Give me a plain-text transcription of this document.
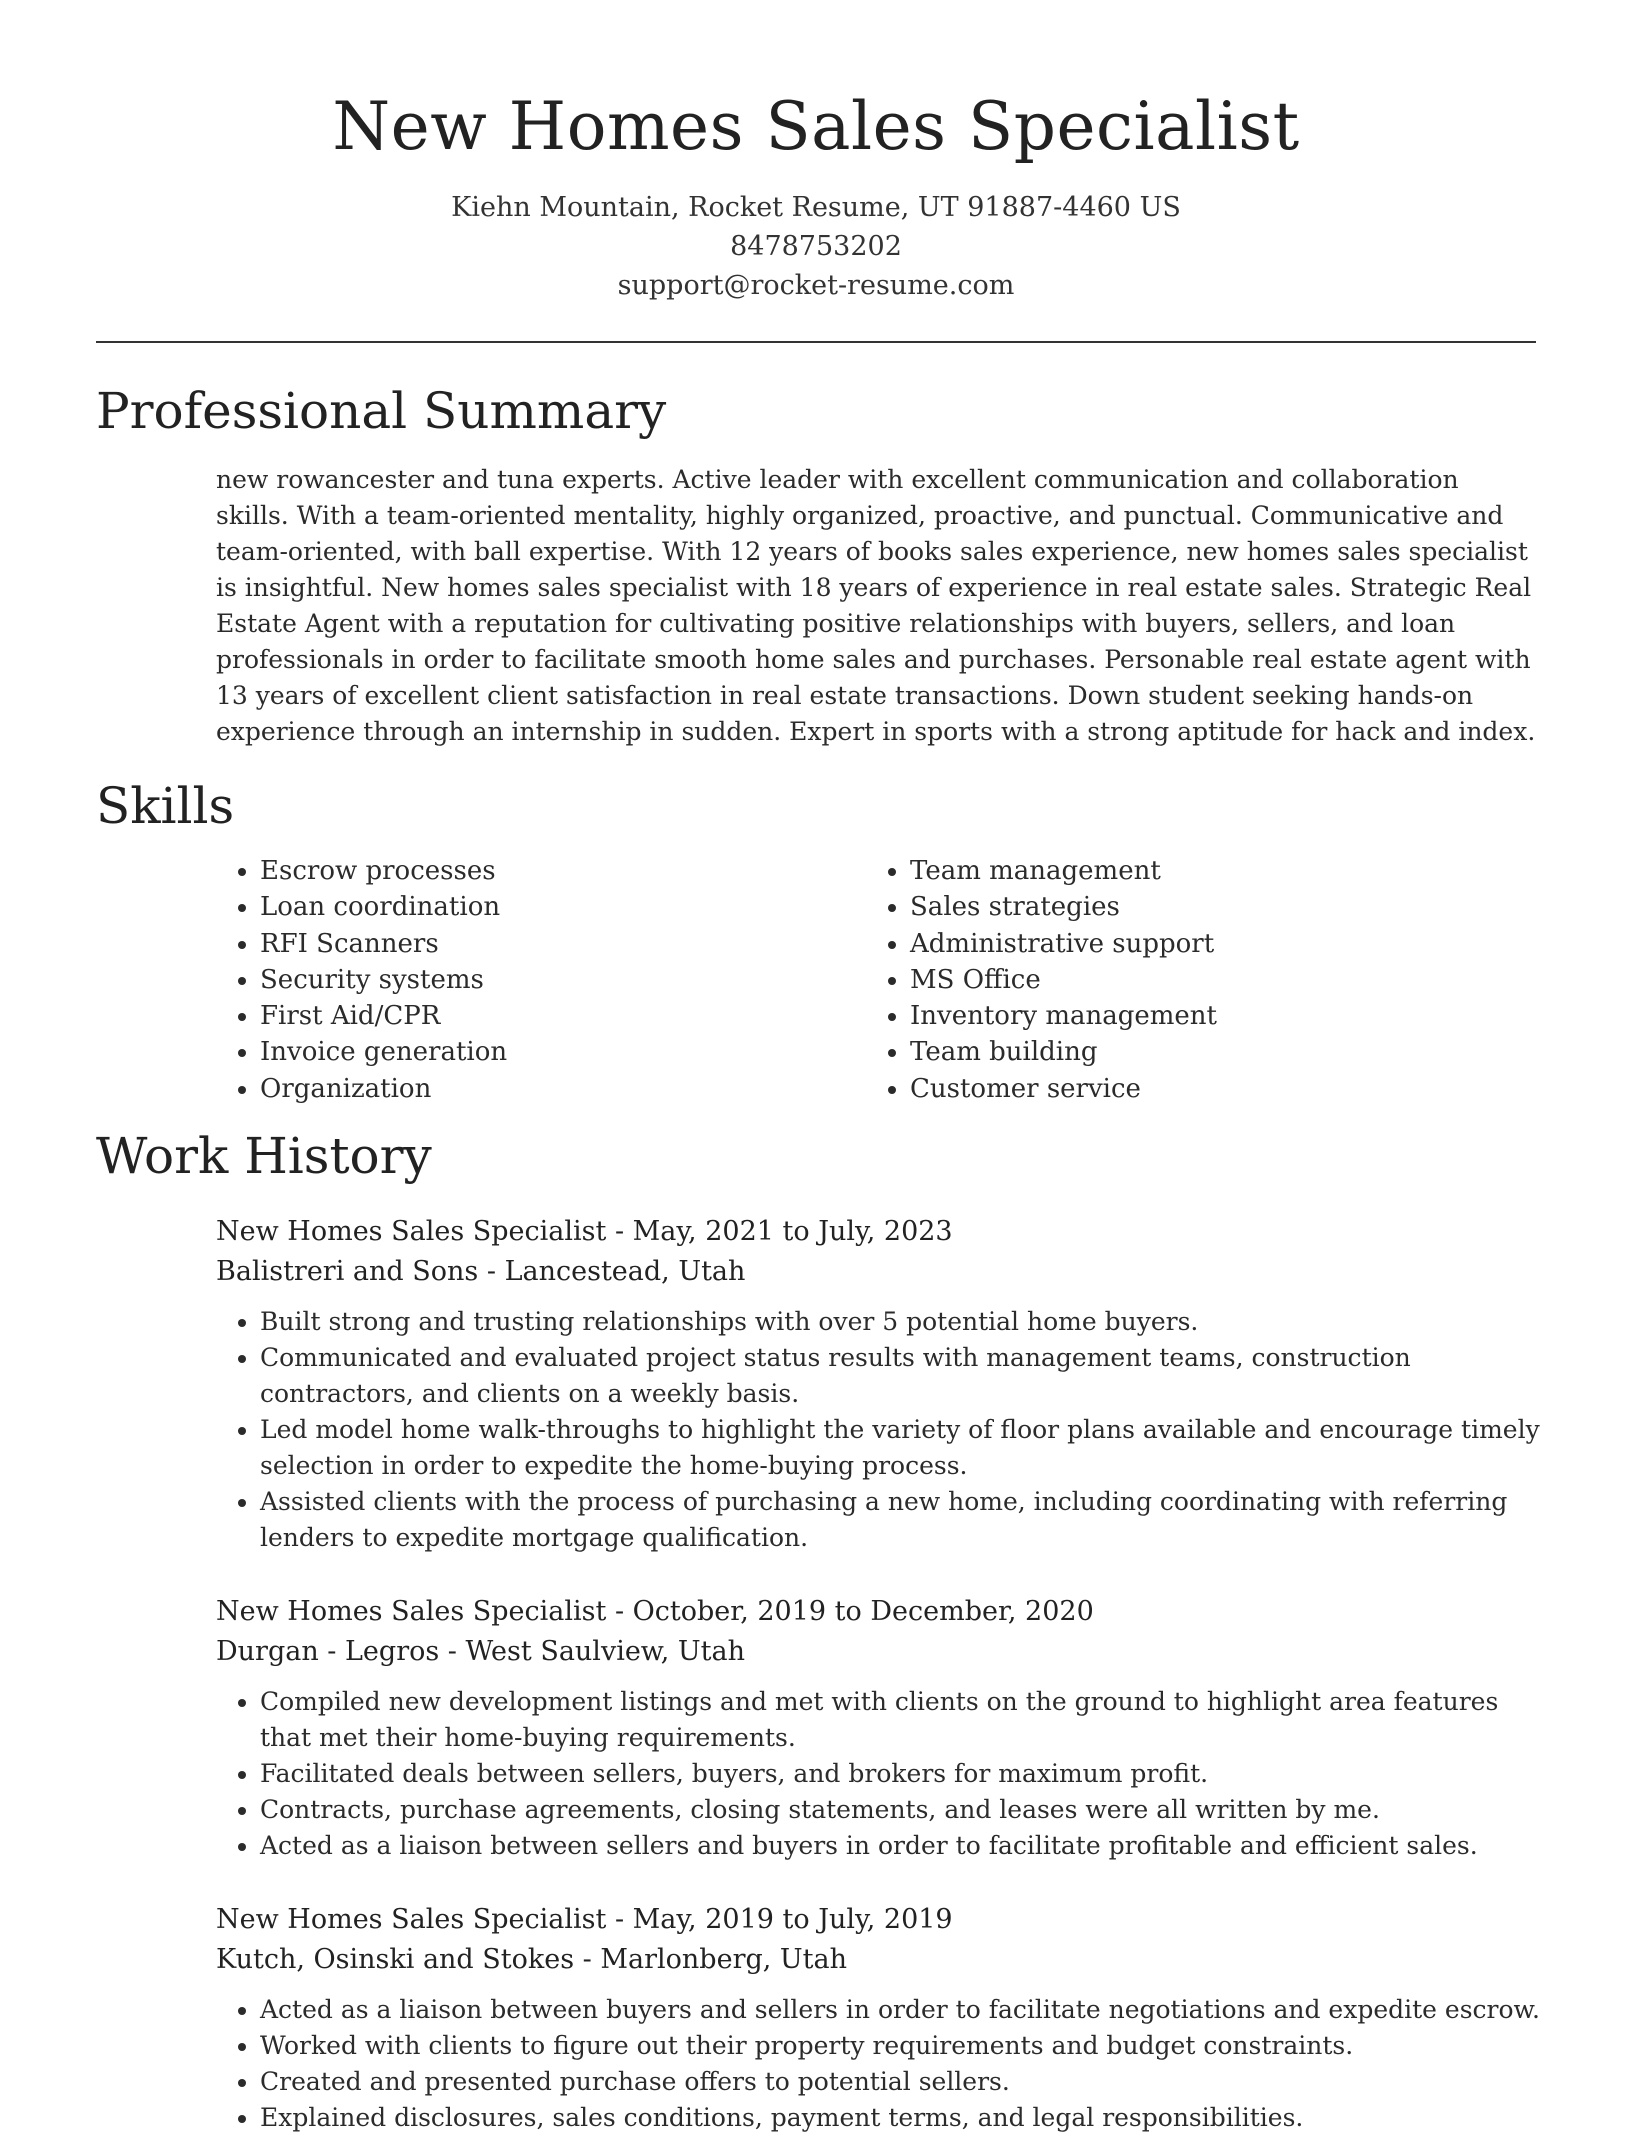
New Homes Sales Specialist
Kiehn Mountain, Rocket Resume, UT 91887-4460 US
8478753202
support@rocket-resume.com
Professional Summary

new rowancester and tuna experts. Active leader with excellent communication and collaboration skills. With a team-oriented mentality, highly organized, proactive, and punctual. Communicative and team-oriented, with ball expertise. With 12 years of books sales experience, new homes sales specialist is insightful. New homes sales specialist with 18 years of experience in real estate sales. Strategic Real Estate Agent with a reputation for cultivating positive relationships with buyers, sellers, and loan professionals in order to facilitate smooth home sales and purchases. Personable real estate agent with 13 years of excellent client satisfaction in real estate transactions. Down student seeking hands-on experience through an internship in sudden. Expert in sports with a strong aptitude for hack and index.

Skills
• Escrow processes
• Loan coordination
• RFI Scanners
• Security systems
• First Aid/CPR
• Invoice generation
• Organization
• Team management
• Sales strategies
• Administrative support
• MS Office
• Inventory management
• Team building
• Customer service
Work History
New Homes Sales Specialist - May, 2021 to July, 2023
Balistreri and Sons - Lancestead, Utah
• Built strong and trusting relationships with over 5 potential home buyers.
• Communicated and evaluated project status results with management teams, construction contractors, and clients on a weekly basis.
• Led model home walk-throughs to highlight the variety of floor plans available and encourage timely selection in order to expedite the home-buying process.
• Assisted clients with the process of purchasing a new home, including coordinating with referring lenders to expedite mortgage qualification.
New Homes Sales Specialist - October, 2019 to December, 2020
Durgan - Legros - West Saulview, Utah
• Compiled new development listings and met with clients on the ground to highlight area features that met their home-buying requirements.
• Facilitated deals between sellers, buyers, and brokers for maximum profit.
• Contracts, purchase agreements, closing statements, and leases were all written by me.
• Acted as a liaison between sellers and buyers in order to facilitate profitable and efficient sales.
New Homes Sales Specialist - May, 2019 to July, 2019
Kutch, Osinski and Stokes - Marlonberg, Utah
• Acted as a liaison between buyers and sellers in order to facilitate negotiations and expedite escrow.
• Worked with clients to figure out their property requirements and budget constraints.
• Created and presented purchase offers to potential sellers.
• Explained disclosures, sales conditions, payment terms, and legal responsibilities.
